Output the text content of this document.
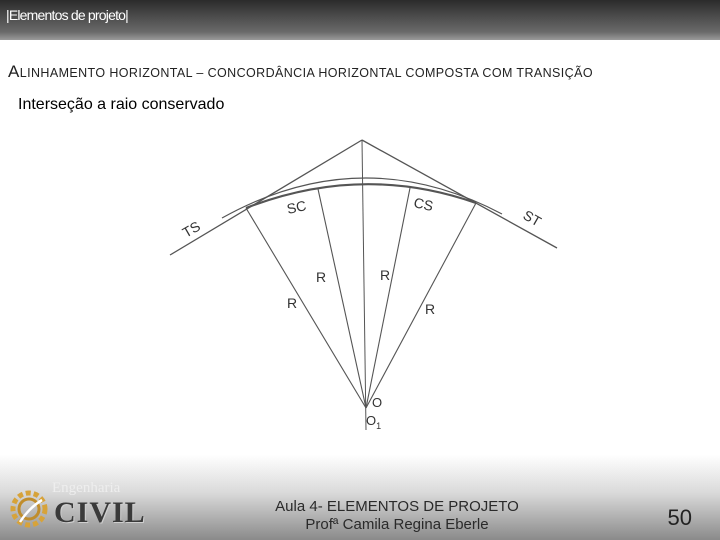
|Elementos de projeto|
ALINHAMENTO HORIZONTAL – CONCORDÂNCIA HORIZONTAL COMPOSTA COM TRANSIÇÃO
Interseção a raio conservado
TS
SC	CS
ST
R	R
R	R
O
$O_1$
Engenharia
CIVIL	Aula 4- ELEMENTOS DE PROJETO
Profª Camila Regina Eberle	50
